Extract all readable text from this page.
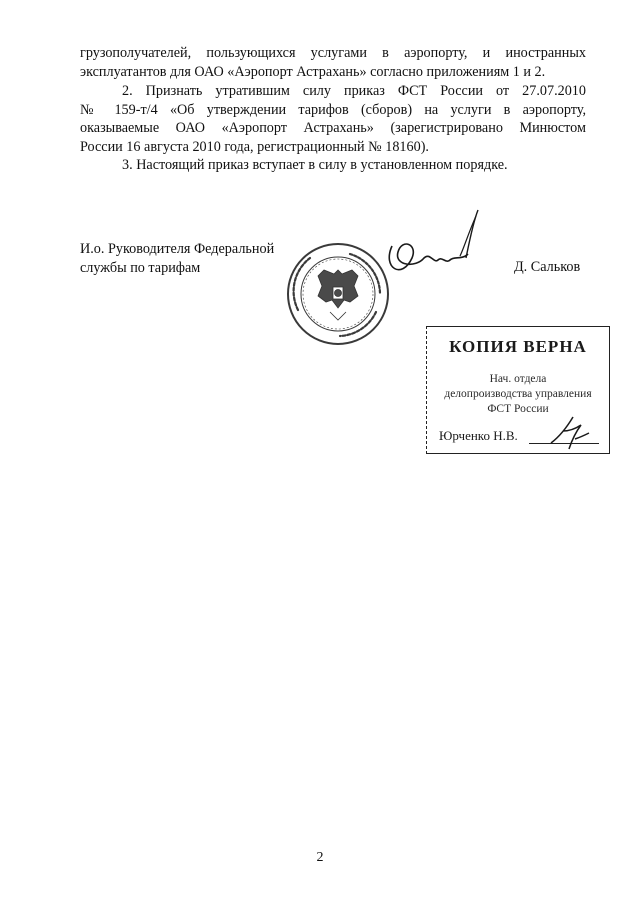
грузополучателей, пользующихся услугами в аэропорту, и иностранных
эксплуатантов для ОАО «Аэропорт Астрахань» согласно приложениям 1 и 2.
2. Признать утратившим силу приказ ФСТ России от 27.07.2010
№ 159-т/4 «Об утверждении тарифов (сборов) на услуги в аэропорту,
оказываемые ОАО «Аэропорт Астрахань» (зарегистрировано Минюстом
России 16 августа 2010 года, регистрационный № 18160).
3. Настоящий приказ вступает в силу в установленном порядке.
И.о. Руководителя Федеральной
службы по тарифам	Д. Сальков
КОПИЯ ВЕРНА
Нач. отдела
делопроизводства управления
ФСТ России
Юрченко Н.В.
2
